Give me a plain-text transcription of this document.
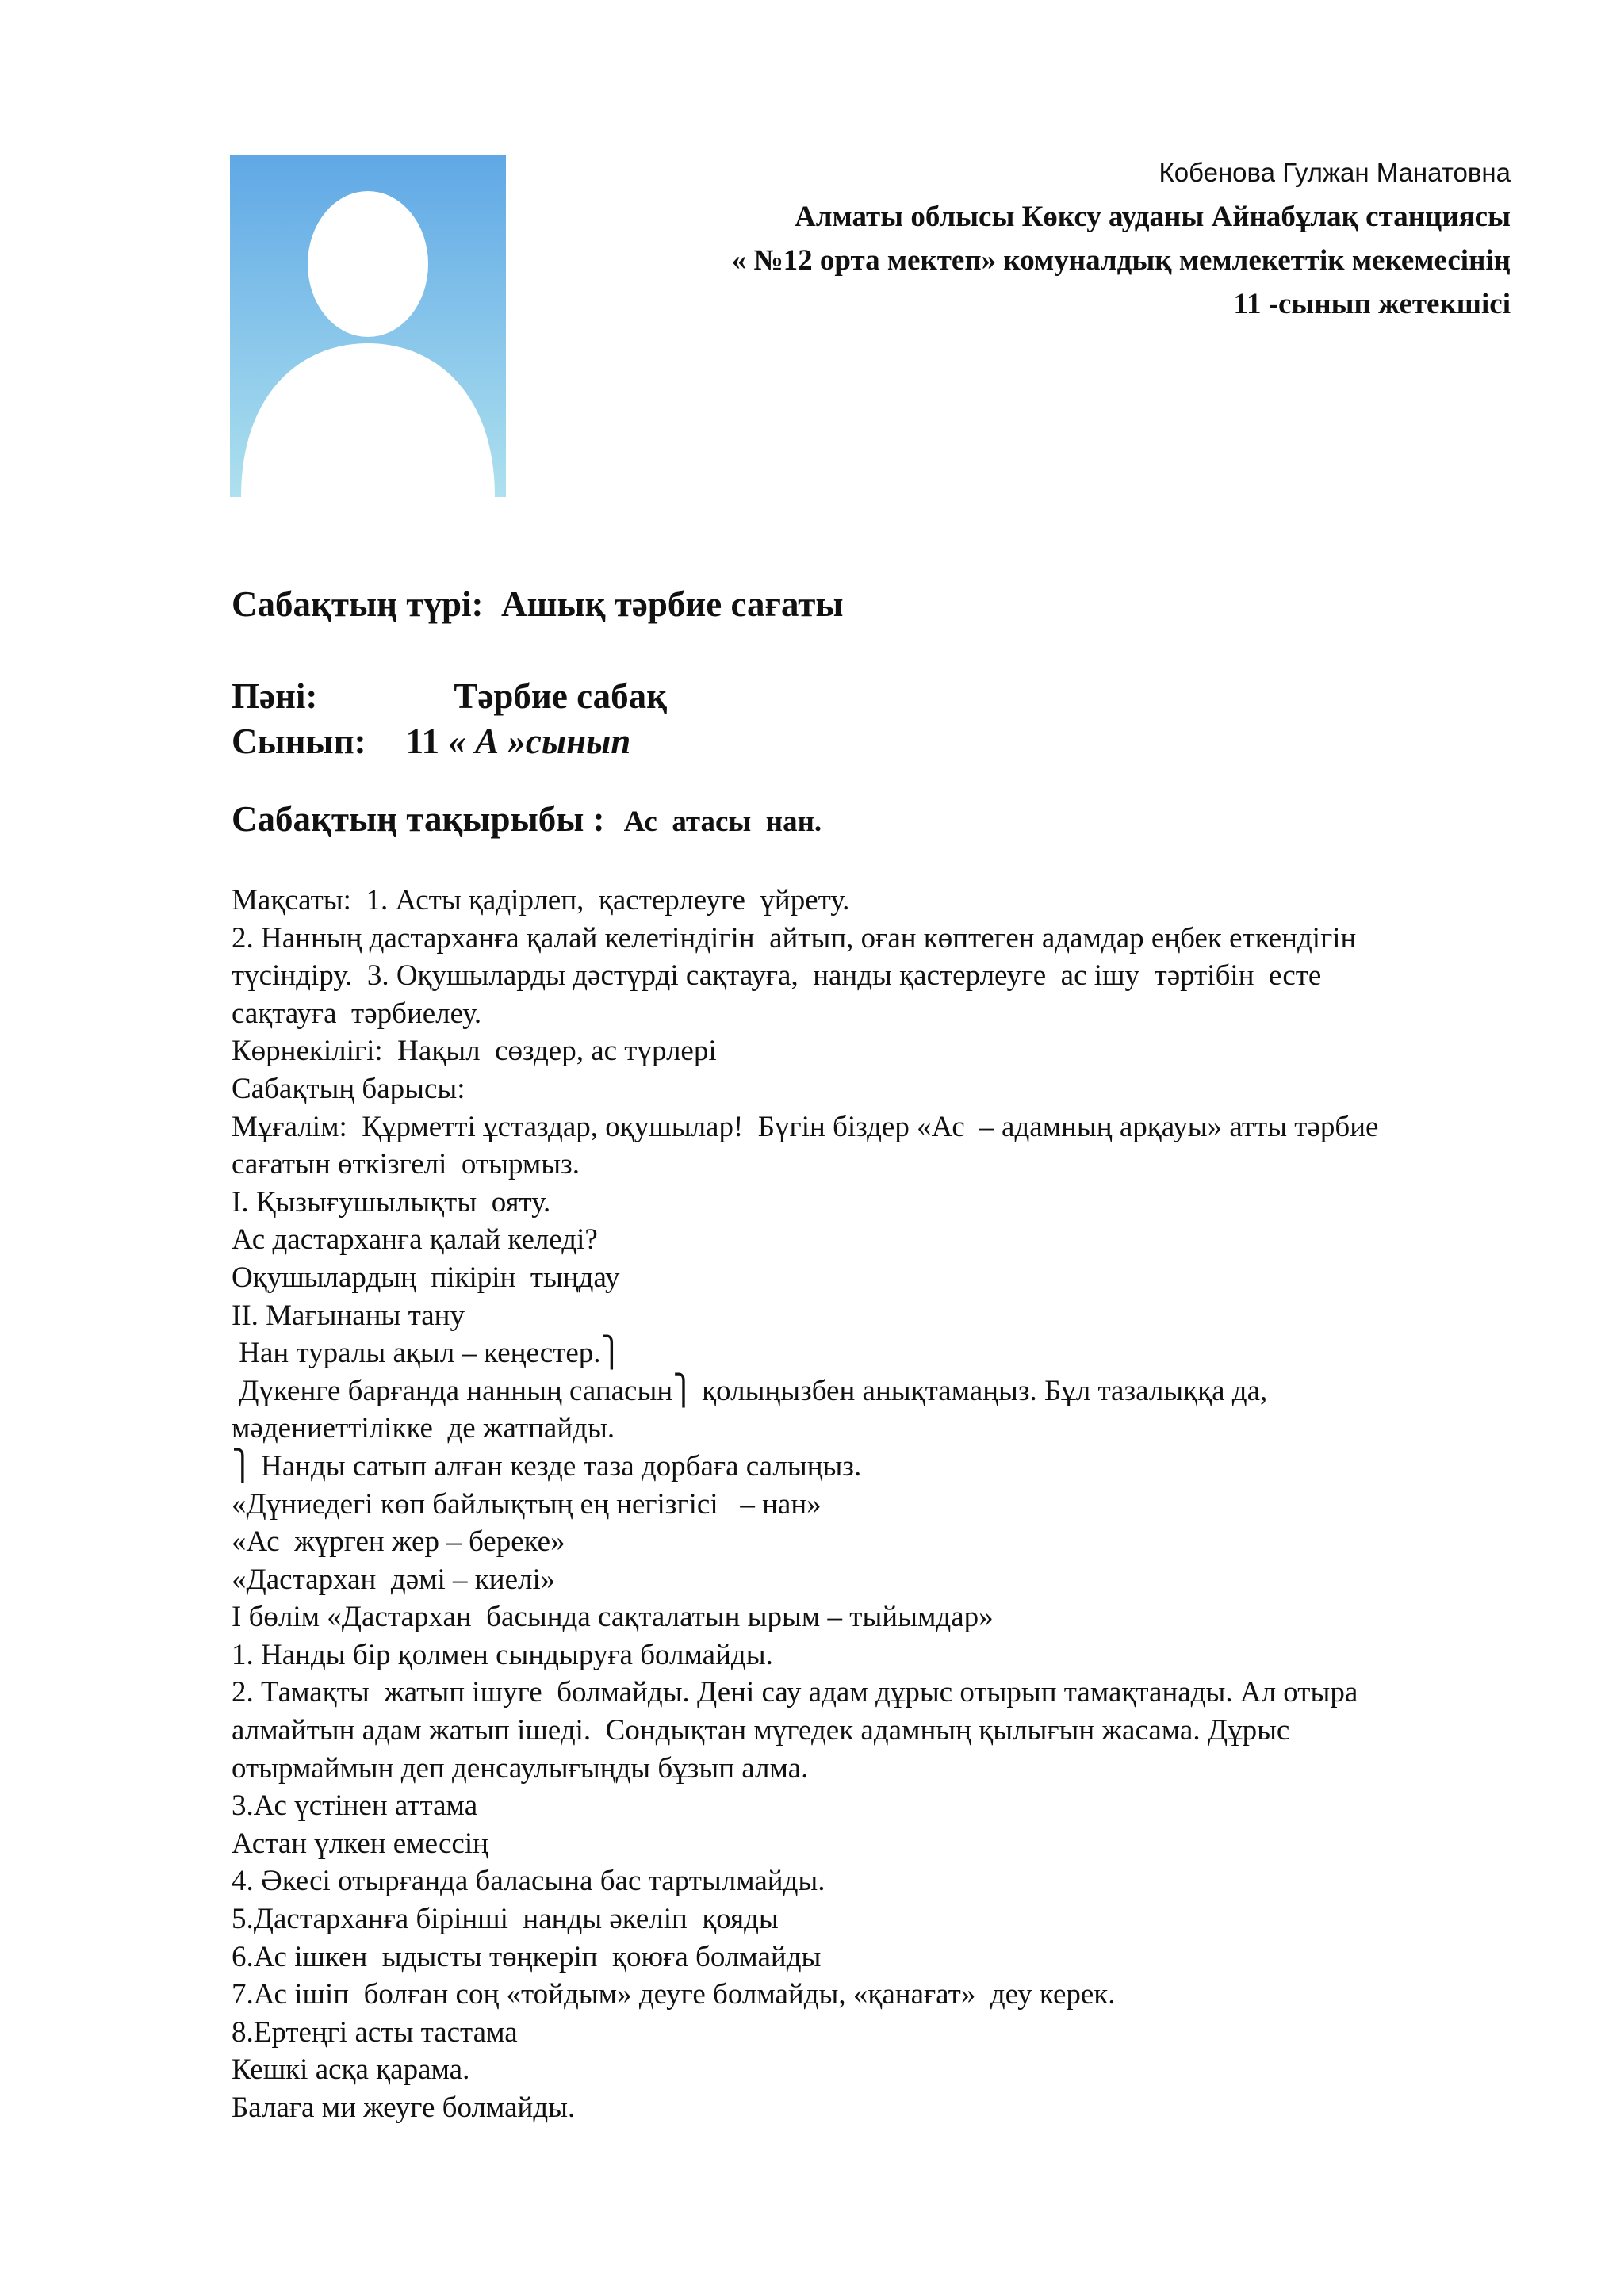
Кобенова Гулжан Манатовна
Алматы облысы Көксу ауданы Айнабұлақ станциясы
« №12 орта мектеп» комуналдық мемлекеттік мекемесінің
11 -сынып жетекшісі
Сабақтың түрі:  Ашық тәрбие сағаты
Пәні:	Тәрбие сабақ
Сынып: 11 « А »сынып
Сабақтың тақырыбы : Ас  атасы  нан.

Мақсаты:  1. Асты қадірлеп,  қастерлеуге  үйрету.

2. Нанның дастарханға қалай келетіндігін  айтып, оған көптеген адамдар еңбек еткендігін

түсіндіру.  3. Оқушыларды дәстүрді сақтауға,  нанды қастерлеуге  ас ішу  тәртібін  есте

сақтауға  тәрбиелеу.

Көрнекілігі:  Нақыл  сөздер, ас түрлері

Сабақтың барысы:

Мұғалім:  Құрметті ұстаздар, оқушылар!  Бүгін біздер «Ас  – адамның арқауы» атты тәрбие

сағатын өткізгелі  отырмыз.

I. Қызығушылықты  ояту.

Ас дастарханға қалай келеді?

Оқушылардың  пікірін  тыңдау

II. Мағынаны тану

Нан туралы ақыл – кеңестер.⎫

Дүкенге барғанда нанның сапасын⎫ қолыңызбен анықтамаңыз. Бұл тазалыққа да,

мәдениеттілікке  де жатпайды.

⎫ Нанды сатып алған кезде таза дорбаға салыңыз.

«Дүниедегі көп байлықтың ең негізгісі   – нан»

«Ас  жүрген жер – береке»

«Дастархан  дәмі – киелі»

I бөлім «Дастархан  басында сақталатын ырым – тыйымдар»

1. Нанды бір қолмен сындыруға болмайды.

2. Тамақты  жатып ішуге  болмайды. Дені сау адам дұрыс отырып тамақтанады. Ал отыра

алмайтын адам жатып ішеді.  Сондықтан мүгедек адамның қылығын жасама. Дұрыс

отырмаймын деп денсаулығыңды бұзып алма.

3.Ас үстінен аттама

Астан үлкен емессің

4. Әкесі отырғанда баласына бас тартылмайды.

5.Дастарханға бірінші  нанды әкеліп  қояды

6.Ас ішкен  ыдысты төңкеріп  қоюға болмайды

7.Ас ішіп  болған соң «тойдым» деуге болмайды, «қанағат»  деу керек.

8.Ертеңгі асты тастама

Кешкі асқа қарама.

Балаға ми жеуге болмайды.
